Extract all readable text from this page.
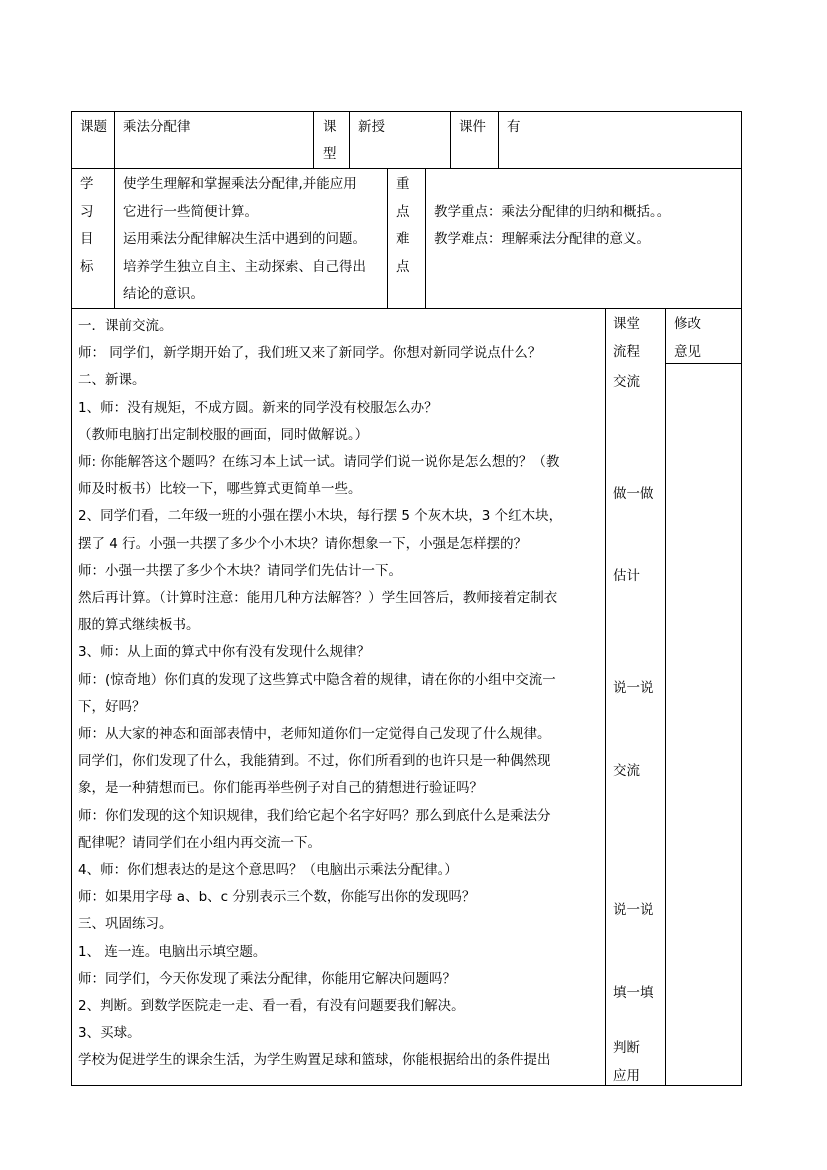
课题 乘法分配律	课
型
新授	课件 有
学
习
目
标
使学生理解和掌握乘法分配律,并能应用
它进行一些简便计算。
运用乘法分配律解决生活中遇到的问题。
培养学生独立自主、主动探索、自己得出
结论的意识。
重
点
难
点
教学重点：乘法分配律的归纳和概括。。
教学难点：理解乘法分配律的意义。
课堂
流程
修改
意见
一．课前交流。
师： 同学们，新学期开始了，我们班又来了新同学。你想对新同学说点什么？
二、新课。
1、师：没有规矩，不成方圆。新来的同学没有校服怎么办？
（教师电脑打出定制校服的画面，同时做解说。）
师: 你能解答这个题吗？在练习本上试一试。请同学们说一说你是怎么想的？（教
师及时板书）比较一下，哪些算式更简单一些。
2、同学们看，二年级一班的小强在摆小木块，每行摆 5 个灰木块，3 个红木块，
摆了 4 行。小强一共摆了多少个小木块？请你想象一下，小强是怎样摆的？
师：小强一共摆了多少个木块？请同学们先估计一下。
然后再计算。（计算时注意：能用几种方法解答？）学生回答后，教师接着定制衣
服的算式继续板书。
3、师：从上面的算式中你有没有发现什么规律？
师：(惊奇地）你们真的发现了这些算式中隐含着的规律，请在你的小组中交流一
下，好吗？
师：从大家的神态和面部表情中，老师知道你们一定觉得自己发现了什么规律。
同学们，你们发现了什么，我能猜到。不过，你们所看到的也许只是一种偶然现
象，是一种猜想而已。你们能再举些例子对自己的猜想进行验证吗？
师：你们发现的这个知识规律，我们给它起个名字好吗？那么到底什么是乘法分
配律呢？请同学们在小组内再交流一下。
4、师：你们想表达的是这个意思吗？（电脑出示乘法分配律。）
师：如果用字母 a、b、c 分别表示三个数，你能写出你的发现吗？
三、巩固练习。
1、 连一连。电脑出示填空题。
师：同学们，今天你发现了乘法分配律，你能用它解决问题吗？
2、判断。到数学医院走一走、看一看，有没有问题要我们解决。
3、买球。
学校为促进学生的课余生活，为学生购置足球和篮球，你能根据给出的条件提出
交流
做一做
估计
说一说
交流
说一说
填一填
判断
应用
